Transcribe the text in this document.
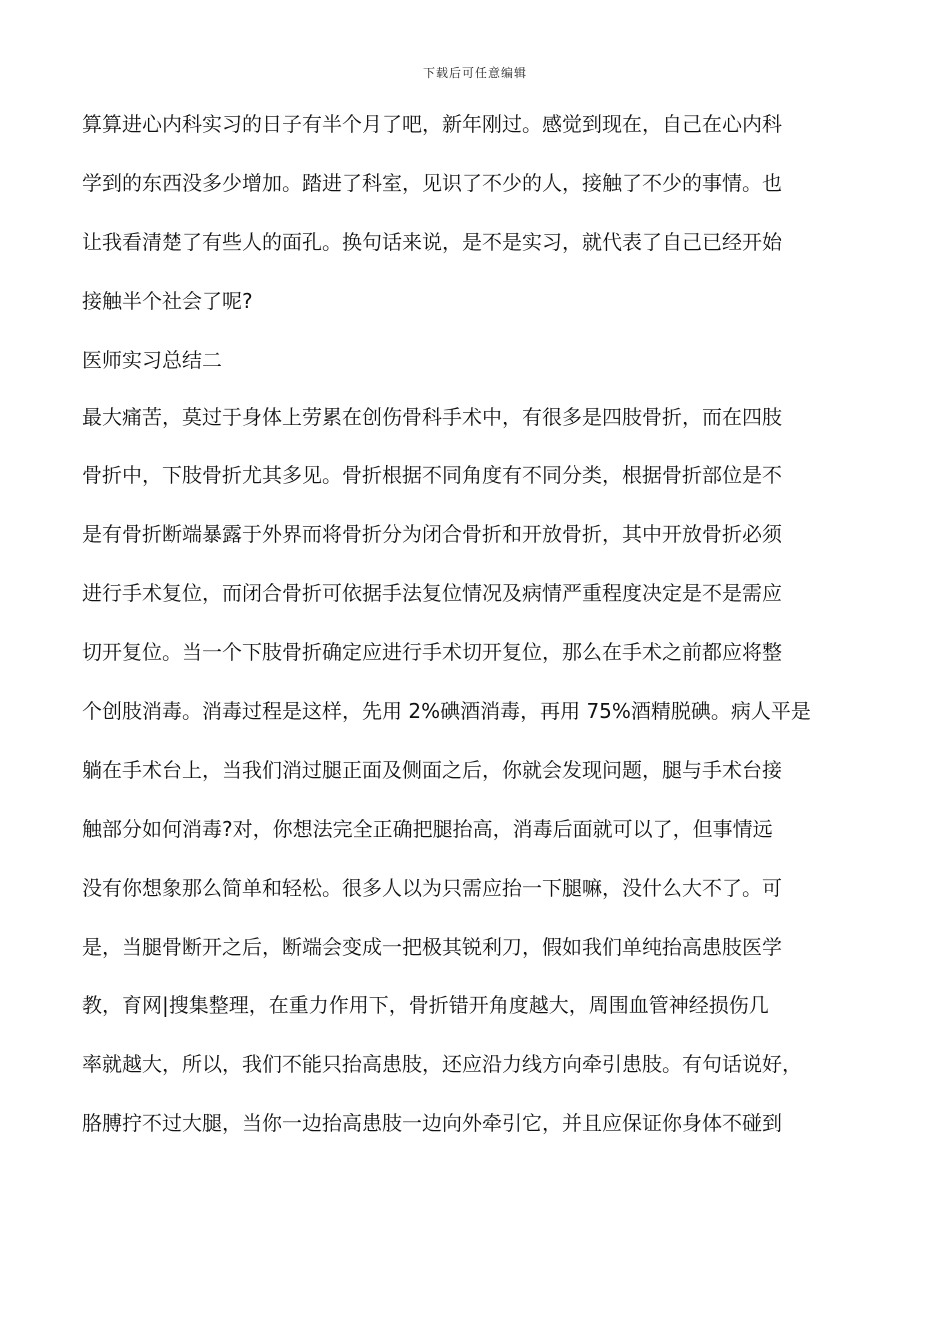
下载后可任意编辑
算算进心内科实习的日子有半个月了吧，新年刚过。感觉到现在，自己在心内科
学到的东西没多少增加。踏进了科室，见识了不少的人，接触了不少的事情。也
让我看清楚了有些人的面孔。换句话来说，是不是实习，就代表了自己已经开始
接触半个社会了呢?
医师实习总结二
最大痛苦，莫过于身体上劳累在创伤骨科手术中，有很多是四肢骨折，而在四肢
骨折中，下肢骨折尤其多见。骨折根据不同角度有不同分类，根据骨折部位是不
是有骨折断端暴露于外界而将骨折分为闭合骨折和开放骨折，其中开放骨折必须
进行手术复位，而闭合骨折可依据手法复位情况及病情严重程度决定是不是需应
切开复位。当一个下肢骨折确定应进行手术切开复位，那么在手术之前都应将整
个创肢消毒。消毒过程是这样，先用 2%碘酒消毒，再用 75%酒精脱碘。病人平是
躺在手术台上，当我们消过腿正面及侧面之后，你就会发现问题，腿与手术台接
触部分如何消毒?对，你想法完全正确把腿抬高，消毒后面就可以了，但事情远
没有你想象那么简单和轻松。很多人以为只需应抬一下腿嘛，没什么大不了。可
是，当腿骨断开之后，断端会变成一把极其锐利刀，假如我们单纯抬高患肢医学
教，育网|搜集整理，在重力作用下，骨折错开角度越大，周围血管神经损伤几
率就越大，所以，我们不能只抬高患肢，还应沿力线方向牵引患肢。有句话说好，
胳膊拧不过大腿，当你一边抬高患肢一边向外牵引它，并且应保证你身体不碰到
